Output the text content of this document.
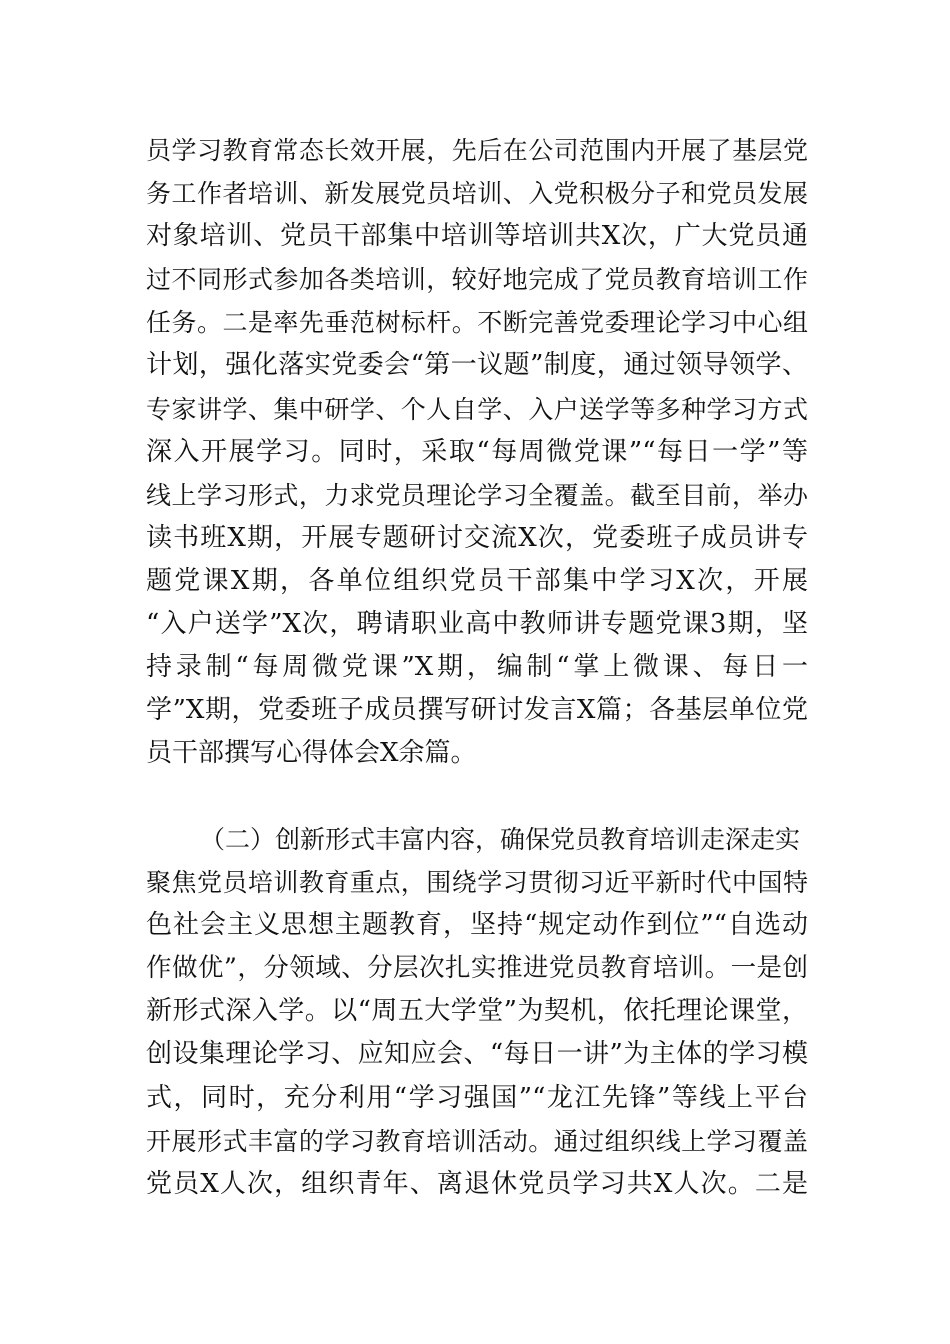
员学习教育常态长效开展，先后在公司范围内开展了基层党
务工作者培训、新发展党员培训、入党积极分子和党员发展
对象培训、党员干部集中培训等培训共X次，广大党员通
过不同形式参加各类培训，较好地完成了党员教育培训工作
任务。二是率先垂范树标杆。不断完善党委理论学习中心组
计划，强化落实党委会“第一议题”制度，通过领导领学、
专家讲学、集中研学、个人自学、入户送学等多种学习方式
深入开展学习。同时，采取“每周微党课”“每日一学”等
线上学习形式，力求党员理论学习全覆盖。截至目前，举办
读书班X期，开展专题研讨交流X次，党委班子成员讲专
题党课X期，各单位组织党员干部集中学习X次，开展
“入户送学”X次，聘请职业高中教师讲专题党课3期，坚
持录制“每周微党课”X期，编制“掌上微课、每日一
学”X期，党委班子成员撰写研讨发言X篇；各基层单位党
员干部撰写心得体会X余篇。
（二）创新形式丰富内容，确保党员教育培训走深走实
聚焦党员培训教育重点，围绕学习贯彻习近平新时代中国特
色社会主义思想主题教育，坚持“规定动作到位”“自选动
作做优”，分领域、分层次扎实推进党员教育培训。一是创
新形式深入学。以“周五大学堂”为契机，依托理论课堂，
创设集理论学习、应知应会、“每日一讲”为主体的学习模
式，同时，充分利用“学习强国”“龙江先锋”等线上平台
开展形式丰富的学习教育培训活动。通过组织线上学习覆盖
党员X人次，组织青年、离退休党员学习共X人次。二是
